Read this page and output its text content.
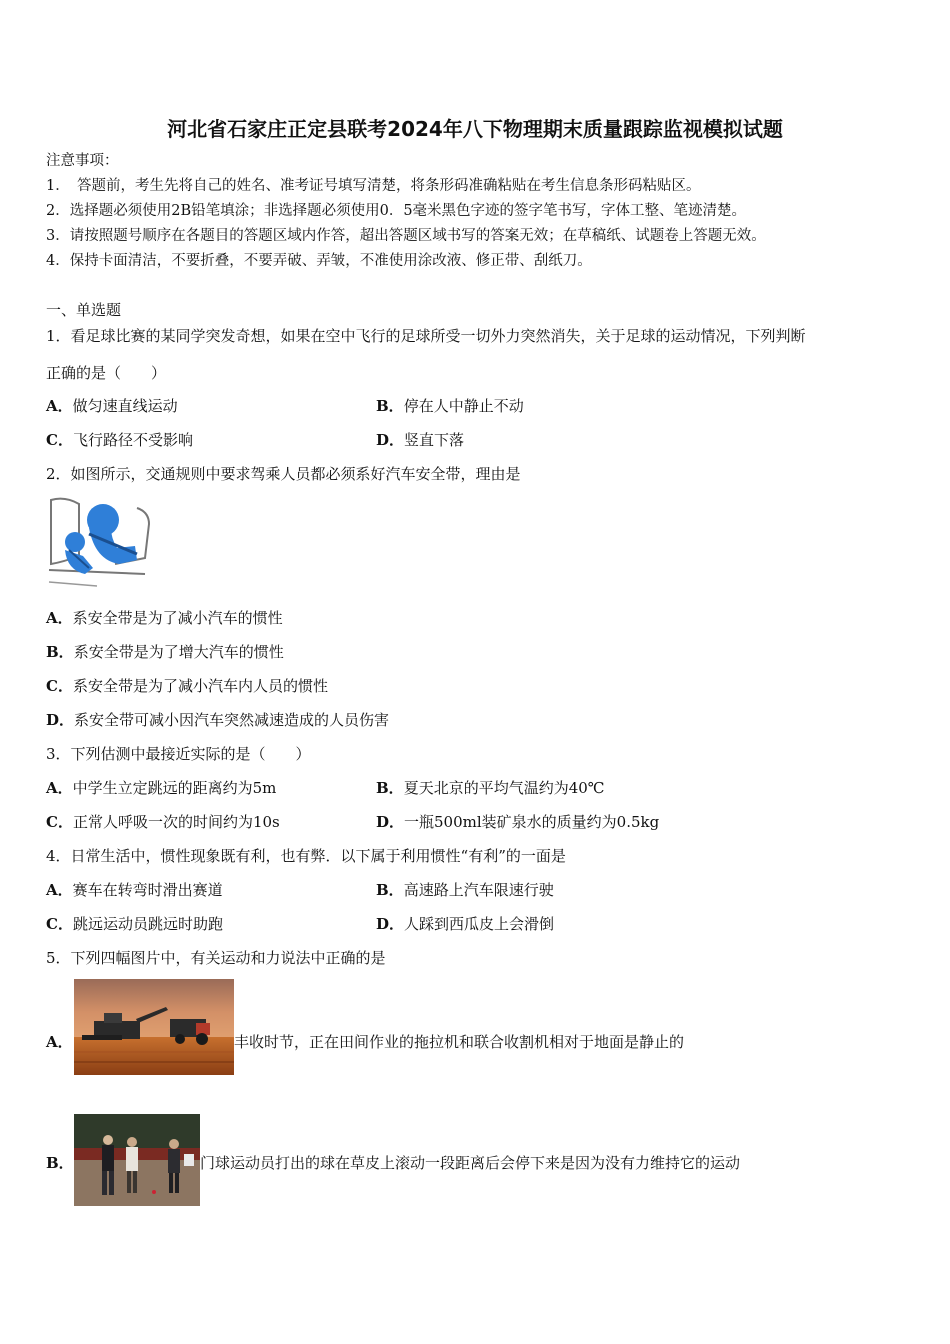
河北省石家庄正定县联考2024年八下物理期末质量跟踪监视模拟试题
注意事项：
1．　答题前，考生先将自己的姓名、准考证号填写清楚，将条形码准确粘贴在考生信息条形码粘贴区。
2．选择题必须使用2B铅笔填涂；非选择题必须使用0．5毫米黑色字迹的签字笔书写，字体工整、笔迹清楚。
3．请按照题号顺序在各题目的答题区域内作答，超出答题区域书写的答案无效；在草稿纸、试题卷上答题无效。
4．保持卡面清洁，不要折叠，不要弄破、弄皱，不准使用涂改液、修正带、刮纸刀。
一、单选题
1．看足球比赛的某同学突发奇想，如果在空中飞行的足球所受一切外力突然消失，关于足球的运动情况，下列判断
正确的是（　　）
A．做匀速直线运动	B．停在人中静止不动
C．飞行路径不受影响	D．竖直下落
2．如图所示，交通规则中要求驾乘人员都必须系好汽车安全带，理由是
A．系安全带是为了减小汽车的惯性
B．系安全带是为了增大汽车的惯性
C．系安全带是为了减小汽车内人员的惯性
D．系安全带可减小因汽车突然减速造成的人员伤害
3．下列估测中最接近实际的是（　　）
A．中学生立定跳远的距离约为5m	B．夏天北京的平均气温约为40℃
C．正常人呼吸一次的时间约为10s	D．一瓶500ml装矿泉水的质量约为0.5kg
4．日常生活中，惯性现象既有利，也有弊．以下属于利用惯性“有利”的一面是
A．赛车在转弯时滑出赛道	B．高速路上汽车限速行驶
C．跳远运动员跳远时助跑	D．人踩到西瓜皮上会滑倒
5．下列四幅图片中，有关运动和力说法中正确的是
A．	丰收时节，正在田间作业的拖拉机和联合收割机相对于地面是静止的
B．	门球运动员打出的球在草皮上滚动一段距离后会停下来是因为没有力维持它的运动
